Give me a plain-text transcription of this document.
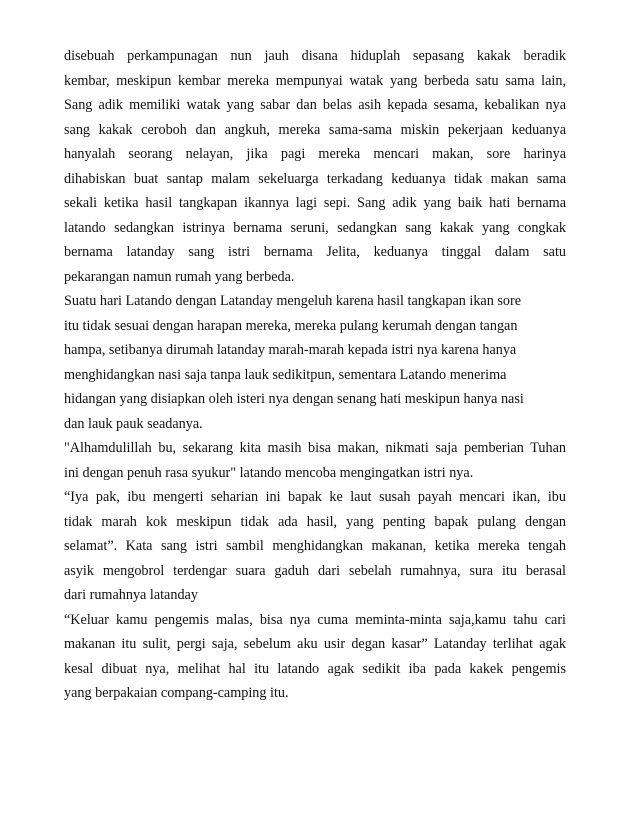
disebuah perkampunagan nun jauh disana hiduplah sepasang kakak beradik
kembar, meskipun kembar mereka mempunyai watak yang berbeda satu sama lain,
Sang adik memiliki watak yang sabar dan belas asih kepada sesama, kebalikan nya
sang kakak ceroboh dan angkuh, mereka sama-sama miskin pekerjaan keduanya
hanyalah seorang nelayan, jika pagi mereka mencari makan, sore harinya
dihabiskan buat santap malam sekeluarga terkadang keduanya tidak makan sama
sekali ketika hasil tangkapan ikannya lagi sepi. Sang adik yang baik hati bernama
latando sedangkan istrinya bernama seruni, sedangkan sang kakak yang congkak
bernama latanday sang istri bernama Jelita, keduanya tinggal dalam satu
pekarangan namun rumah yang berbeda.
Suatu hari Latando dengan Latanday mengeluh karena hasil tangkapan ikan sore
itu tidak sesuai dengan harapan mereka, mereka pulang kerumah dengan tangan
hampa, setibanya dirumah latanday marah-marah kepada istri nya karena hanya
menghidangkan nasi saja tanpa lauk sedikitpun, sementara Latando menerima
hidangan yang disiapkan oleh isteri nya dengan senang hati meskipun hanya nasi
dan lauk pauk seadanya.
"Alhamdulillah bu, sekarang kita masih bisa makan, nikmati saja pemberian Tuhan
ini dengan penuh rasa syukur" latando mencoba mengingatkan istri nya.
“Iya pak, ibu mengerti seharian ini bapak ke laut susah payah mencari ikan, ibu
tidak marah kok meskipun tidak ada hasil, yang penting bapak pulang dengan
selamat”. Kata sang istri sambil menghidangkan makanan, ketika mereka tengah
asyik mengobrol terdengar suara gaduh dari sebelah rumahnya, sura itu berasal
dari rumahnya latanday
“Keluar kamu pengemis malas, bisa nya cuma meminta-minta saja,kamu tahu cari
makanan itu sulit, pergi saja, sebelum aku usir degan kasar” Latanday terlihat agak
kesal dibuat nya, melihat hal itu latando agak sedikit iba pada kakek pengemis
yang berpakaian compang-camping itu.
